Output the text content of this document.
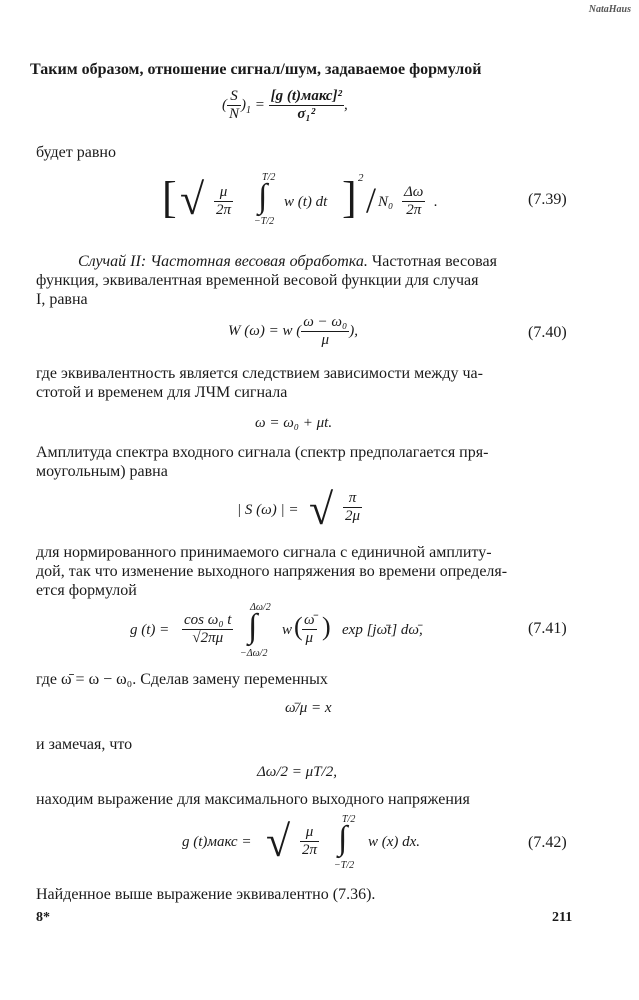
NataHaus
Таким образом, отношение сигнал/шум, задаваемое формулой
( $\frac{S}{N} )_1 = \frac{\text{[g (t)макс]²}}{\text{σ₁²}}$ ,
будет равно
[ √ $\frac{\mu}{2\pi}$
T/2
∫
−T/2
w (t) dt ] 2
/ $N_0 \frac{\Delta\omega}{2\pi}$ .	(7.39)
Случай II: Частотная весовая обработка. Частотная весовая
функция, эквивалентная временной весовой функции для случая
I, равна
W (ω) = w ( $\frac{\text{ω − ω₀}}{\mu}$ ),	(7.40)
где эквивалентность является следствием зависимости между ча-
стотой и временем для ЛЧМ сигнала
ω = ω₀ + μt.
Амплитуда спектра входного сигнала (спектр предполагается пря-
моугольным) равна
| S (ω) | = √ $\frac{\pi}{2\mu}$
для нормированного принимаемого сигнала с единичной амплиту-
дой, так что изменение выходного напряжения во времени определя-
ется формулой
g $(t) = \frac{\text{cos ω₀ t}}{√2\pi\mu}$
Δω/2
∫
−Δω/2
w ( $\frac{\omegā}{\mu}$ ) exp [jω̄t] dω̄,	(7.41)
где ω̄ = ω − ω₀. Сделав замену переменных
ω̄/μ = x
и замечая, что
Δω/2 = μT/2,
находим выражение для максимального выходного напряжения
g (t)макс = √ $\frac{\mu}{2\pi}$
T/2
∫
−T/2
w (x) dx.	(7.42)
Найденное выше выражение эквивалентно (7.36).
8*	211
